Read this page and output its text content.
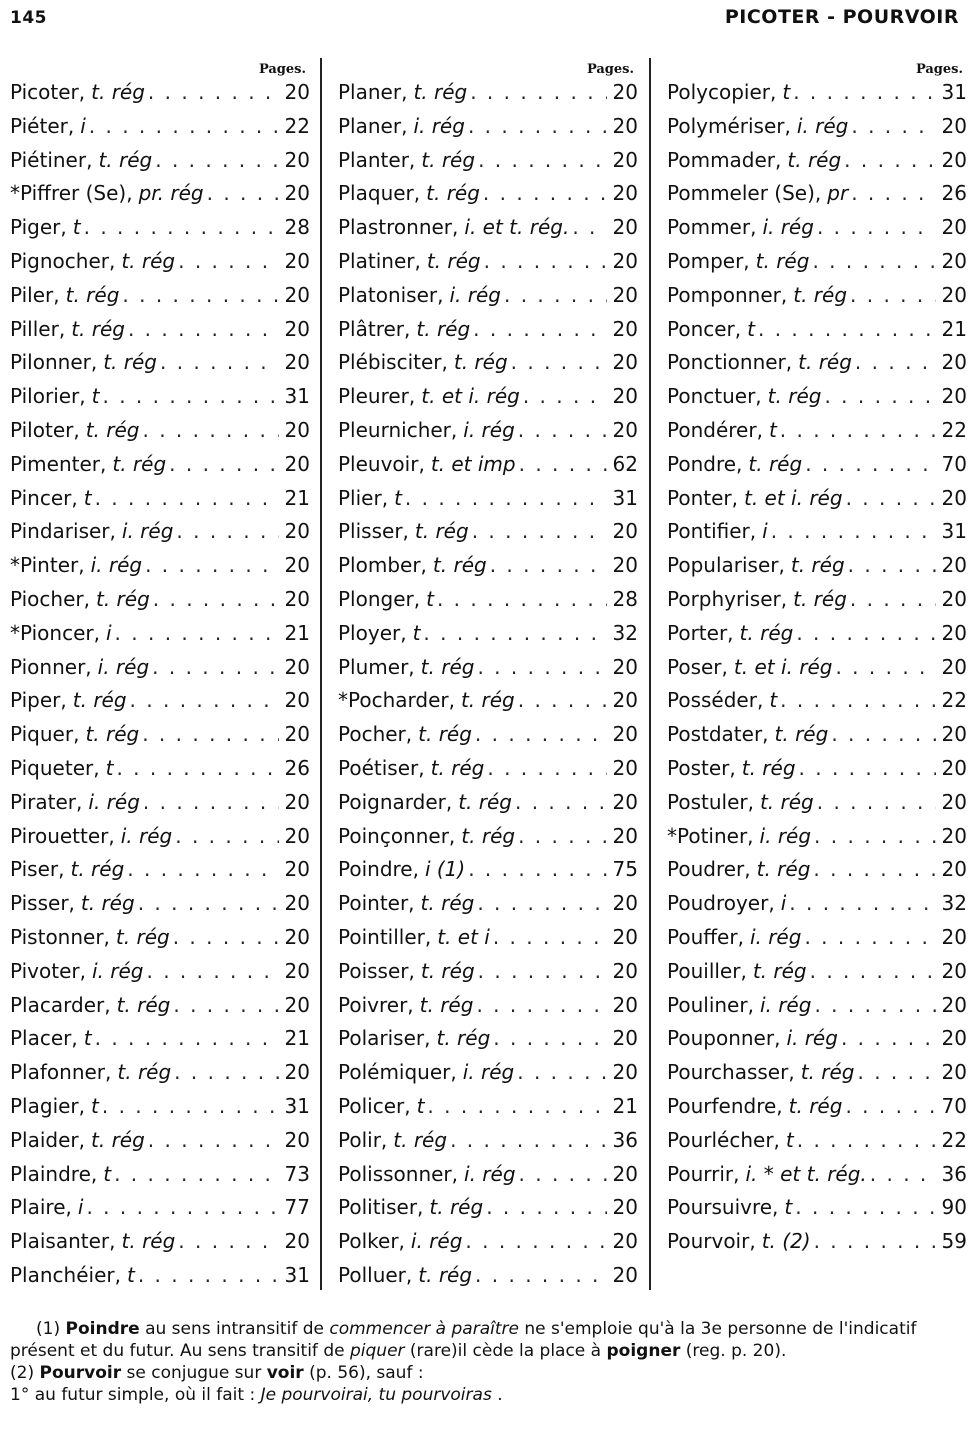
145	PICOTER - POURVOIR
Pages.
Picoter, t. rég . . .	20
Piéter, i . . .	22
Piétiner, t. rég . . .	20
*Piffrer (Se), pr. rég . . .	20
Piger, t . . .	28
Pignocher, t. rég . . .	20
Piler, t. rég . . .	20
Piller, t. rég . . .	20
Pilonner, t. rég . . .	20
Pilorier, t . . .	31
Piloter, t. rég . . .	20
Pimenter, t. rég . . .	20
Pincer, t . . .	21
Pindariser, i. rég . . .	20
*Pinter, i. rég . . .	20
Piocher, t. rég . . .	20
*Pioncer, i . . .	21
Pionner, i. rég . . .	20
Piper, t. rég . . .	20
Piquer, t. rég . . .	20
Piqueter, t . . .	26
Pirater, i. rég . . .	20
Pirouetter, i. rég . . .	20
Piser, t. rég . . .	20
Pisser, t. rég . . .	20
Pistonner, t. rég . . .	20
Pivoter, i. rég . . .	20
Placarder, t. rég . . .	20
Placer, t . . .	21
Plafonner, t. rég . . .	20
Plagier, t . . .	31
Plaider, t. rég . . .	20
Plaindre, t . . .	73
Plaire, i . . .	77
Plaisanter, t. rég . . .	20
Planchéier, t . . .	31
Pages.
Planer, t. rég . . .	20
Planer, i. rég . . .	20
Planter, t. rég . . .	20
Plaquer, t. rég . . .	20
Plastronner, i. et t. rég. . . . 20
Platiner, t. rég . . .	20
Platoniser, i. rég . . .	20
Plâtrer, t. rég . . .	20
Plébisciter, t. rég . . .	20
Pleurer, t. et i. rég . . .	20
Pleurnicher, i. rég . . .	20
Pleuvoir, t. et imp . . .	62
Plier, t . . .	31
Plisser, t. rég . . .	20
Plomber, t. rég . . .	20
Plonger, t . . .	28
Ployer, t . . .	32
Plumer, t. rég . . .	20
*Pocharder, t. rég . . .	20
Pocher, t. rég . . .	20
Poétiser, t. rég . . .	20
Poignarder, t. rég . . .	20
Poinçonner, t. rég . . .	20
Poindre, i (1) . . .	75
Pointer, t. rég . . .	20
Pointiller, t. et i . . .	20
Poisser, t. rég . . .	20
Poivrer, t. rég . . .	20
Polariser, t. rég . . .	20
Polémiquer, i. rég . . .	20
Policer, t . . .	21
Polir, t. rég . . .	36
Polissonner, i. rég . . .	20
Politiser, t. rég . . .	20
Polker, i. rég . . .	20
Polluer, t. rég . . .	20
Pages.
Polycopier, t . . .	31
Polymériser, i. rég . . .	20
Pommader, t. rég . . .	20
Pommeler (Se), pr . . .	26
Pommer, i. rég . . .	20
Pomper, t. rég . . .	20
Pomponner, t. rég . . .	20
Poncer, t . . .	21
Ponctionner, t. rég . . .	20
Ponctuer, t. rég . . .	20
Pondérer, t . . .	22
Pondre, t. rég . . .	70
Ponter, t. et i. rég . . .	20
Pontifier, i . . .	31
Populariser, t. rég . . .	20
Porphyriser, t. rég . . .	20
Porter, t. rég . . .	20
Poser, t. et i. rég . . .	20
Posséder, t . . .	22
Postdater, t. rég . . .	20
Poster, t. rég . . .	20
Postuler, t. rég . . .	20
*Potiner, i. rég . . .	20
Poudrer, t. rég . . .	20
Poudroyer, i . . .	32
Pouffer, i. rég . . .	20
Pouiller, t. rég . . .	20
Pouliner, i. rég . . .	20
Pouponner, i. rég . . .	20
Pourchasser, t. rég . . .	20
Pourfendre, t. rég . . .	70
Pourlécher, t . . .	22
Pourrir, i. * et t. rég. . . .	36
Poursuivre, t . . .	90
Pourvoir, t. (2) . . .	59

(1) Poindre au sens intransitif de commencer à paraître ne s'emploie qu'à la 3e personne de l'indicatif présent et du futur. Au sens transitif de piquer (rare)il cède la place à poigner (reg. p. 20).

(2) Pourvoir se conjugue sur voir (p. 56), sauf :

1° au futur simple, où il fait : Je pourvoirai, tu pourvoiras .
